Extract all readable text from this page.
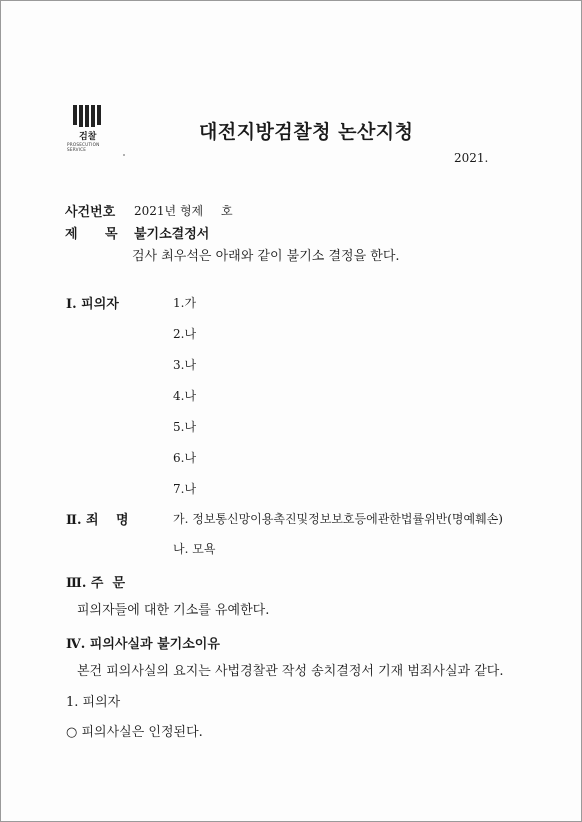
검찰
PROSECUTION SERVICE
대전지방검찰청 논산지청
2021.
사건번호 2021년 형제 호
제 목 불기소결정서
검사 최우석은 아래와 같이 불기소 결정을 한다.
Ⅰ. 피의자	1.가
2.나
3.나
4.나
5.나
6.나
7.나
Ⅱ. 죄 명	가. 정보통신망이용촉진및정보보호등에관한법률위반(명예훼손)
나. 모욕
Ⅲ. 주  문
피의자들에 대한 기소를 유예한다.
Ⅳ. 피의사실과 불기소이유
본건 피의사실의 요지는 사법경찰관 작성 송치결정서 기재 범죄사실과 같다.
1. 피의자
○ 피의사실은 인정된다.
